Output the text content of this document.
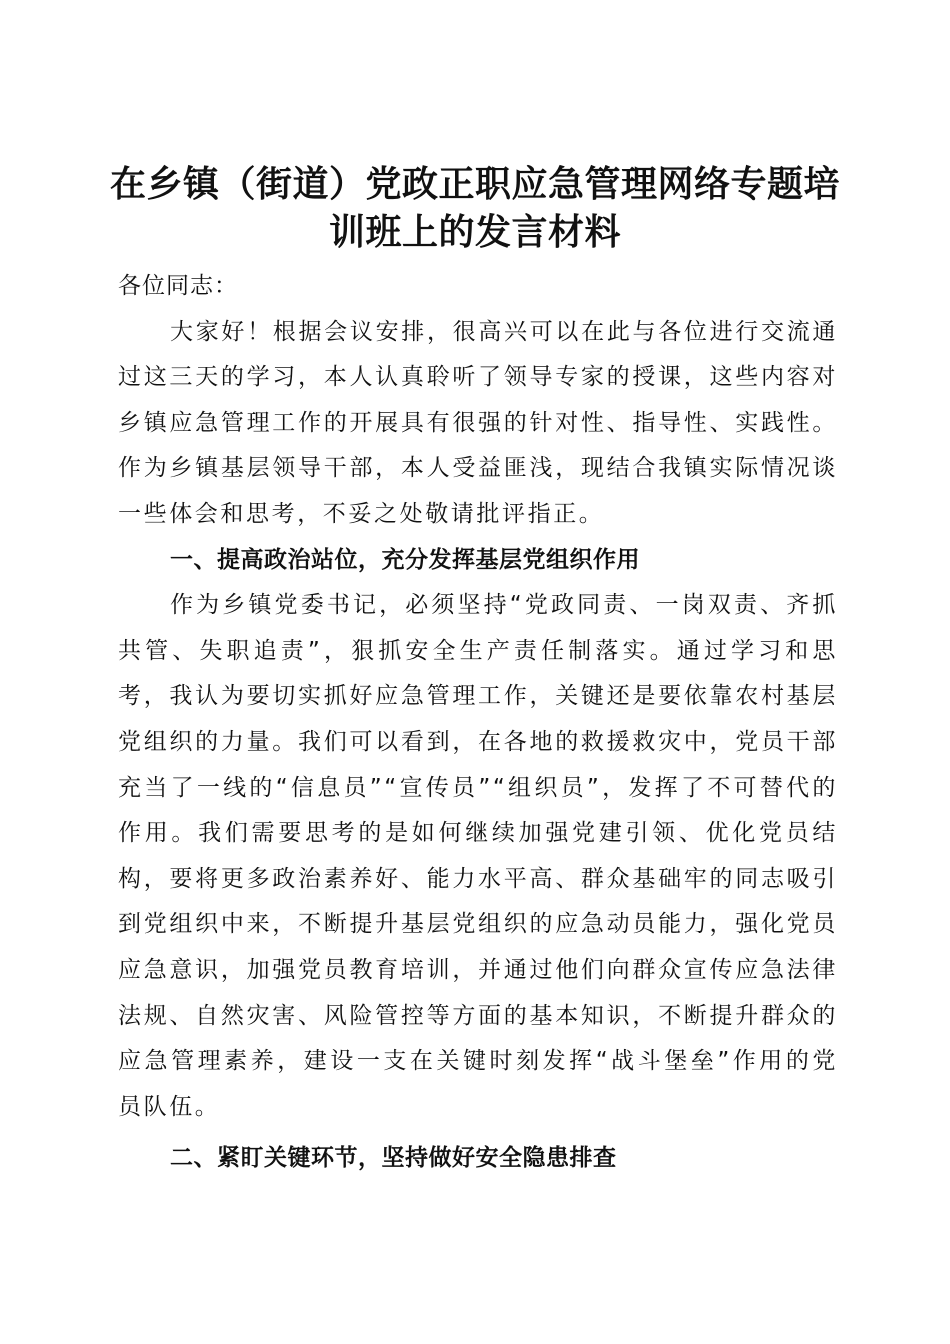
在乡镇（街道）党政正职应急管理网络专题培训班上的发言材料

各位同志：

大家好！根据会议安排，很高兴可以在此与各位进行交流通过这三天的学习，本人认真聆听了领导专家的授课，这些内容对乡镇应急管理工作的开展具有很强的针对性、指导性、实践性。作为乡镇基层领导干部，本人受益匪浅，现结合我镇实际情况谈一些体会和思考，不妥之处敬请批评指正。

一、提高政治站位，充分发挥基层党组织作用

作为乡镇党委书记，必须坚持“党政同责、一岗双责、齐抓共管、失职追责”，狠抓安全生产责任制落实。通过学习和思考，我认为要切实抓好应急管理工作，关键还是要依靠农村基层党组织的力量。我们可以看到，在各地的救援救灾中，党员干部充当了一线的“信息员”“宣传员”“组织员”，发挥了不可替代的作用。我们需要思考的是如何继续加强党建引领、优化党员结构，要将更多政治素养好、能力水平高、群众基础牢的同志吸引到党组织中来，不断提升基层党组织的应急动员能力，强化党员应急意识，加强党员教育培训，并通过他们向群众宣传应急法律法规、自然灾害、风险管控等方面的基本知识，不断提升群众的应急管理素养，建设一支在关键时刻发挥“战斗堡垒”作用的党员队伍。

二、紧盯关键环节，坚持做好安全隐患排查
